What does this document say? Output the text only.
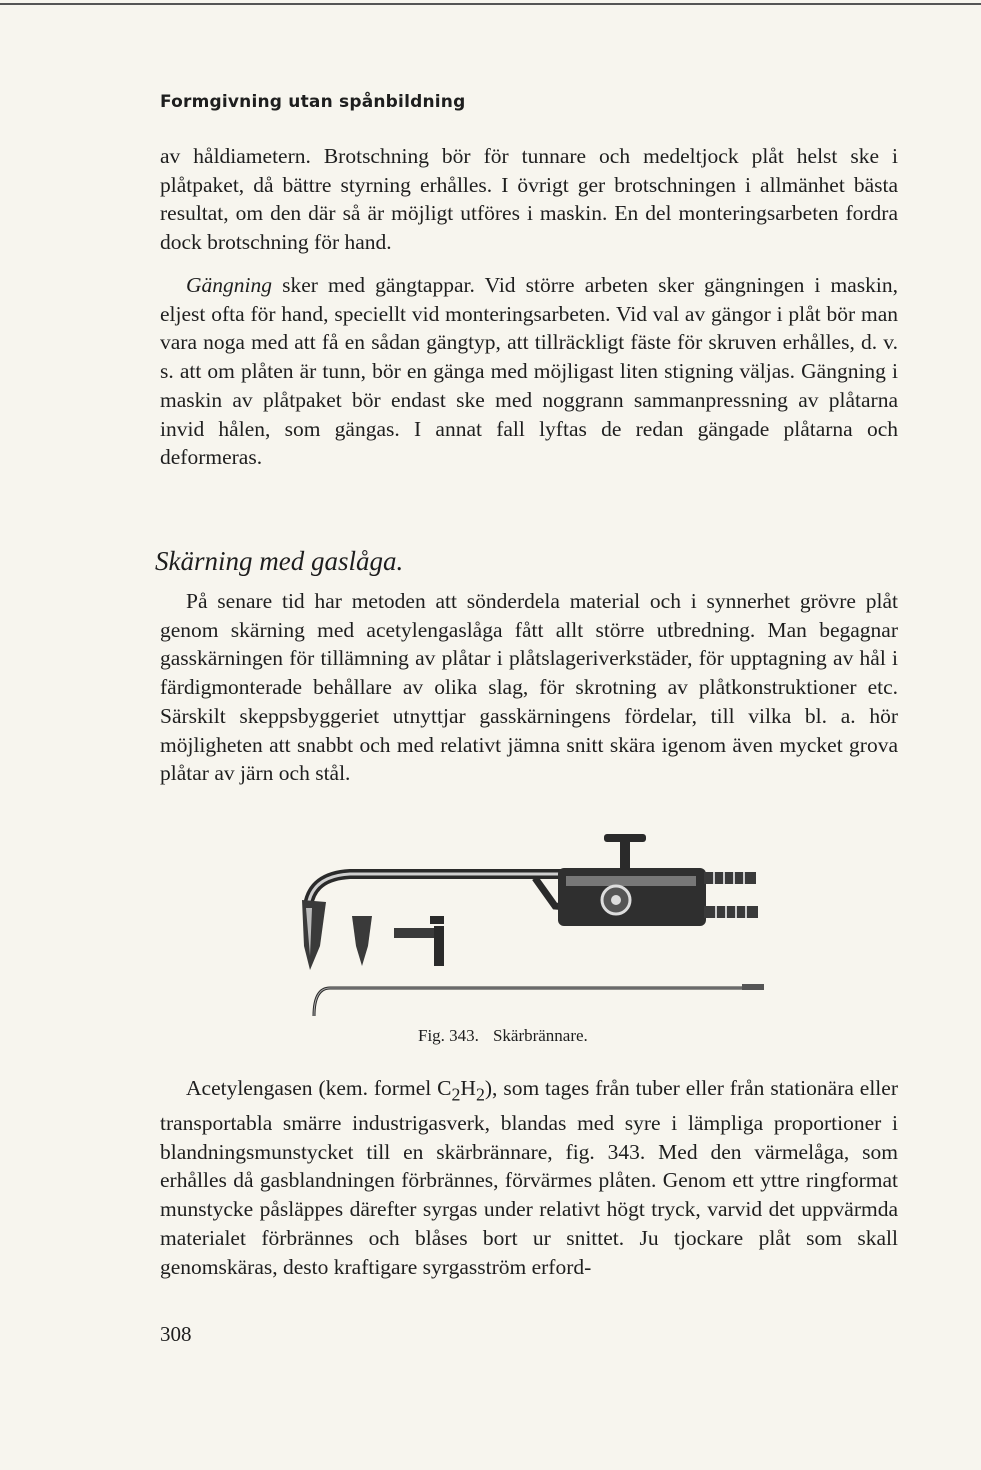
Formgivning utan spånbildning

av håldiametern. Brotschning bör för tunnare och medeltjock plåt helst ske i plåtpaket, då bättre styrning erhålles. I övrigt ger brotschningen i allmänhet bästa resultat, om den där så är möjligt utföres i maskin. En del monteringsarbeten fordra dock brotschning för hand.

Gängning sker med gängtappar. Vid större arbeten sker gängningen i maskin, eljest ofta för hand, speciellt vid monteringsarbeten. Vid val av gängor i plåt bör man vara noga med att få en sådan gängtyp, att tillräckligt fäste för skruven erhålles, d. v. s. att om plåten är tunn, bör en gänga med möjligast liten stigning väljas. Gängning i maskin av plåtpaket bör endast ske med noggrann sammanpressning av plåtarna invid hålen, som gängas. I annat fall lyftas de redan gängade plåtarna och deformeras.

Skärning med gaslåga.

På senare tid har metoden att sönderdela material och i synnerhet grövre plåt genom skärning med acetylengaslåga fått allt större utbredning. Man begagnar gasskärningen för tillämning av plåtar i plåtslageriverkstäder, för upptagning av hål i färdigmonterade behållare av olika slag, för skrotning av plåtkonstruktioner etc. Särskilt skeppsbyggeriet utnyttjar gasskärningens fördelar, till vilka bl. a. hör möjligheten att snabbt och med relativt jämna snitt skära igenom även mycket grova plåtar av järn och stål.

Fig. 343. Skärbrännare.

Acetylengasen (kem. formel $C_2H_2$), som tages från tuber eller från stationära eller transportabla smärre industrigasverk, blandas med syre i lämpliga proportioner i blandningsmunstycket till en skärbrännare, fig. 343. Med den värmelåga, som erhålles då gasblandningen förbrännes, förvärmes plåten. Genom ett yttre ringformat munstycke påsläppes därefter syrgas under relativt högt tryck, varvid det uppvärmda materialet förbrännes och blåses bort ur snittet. Ju tjockare plåt som skall genomskäras, desto kraftigare syrgasström erford-

308
